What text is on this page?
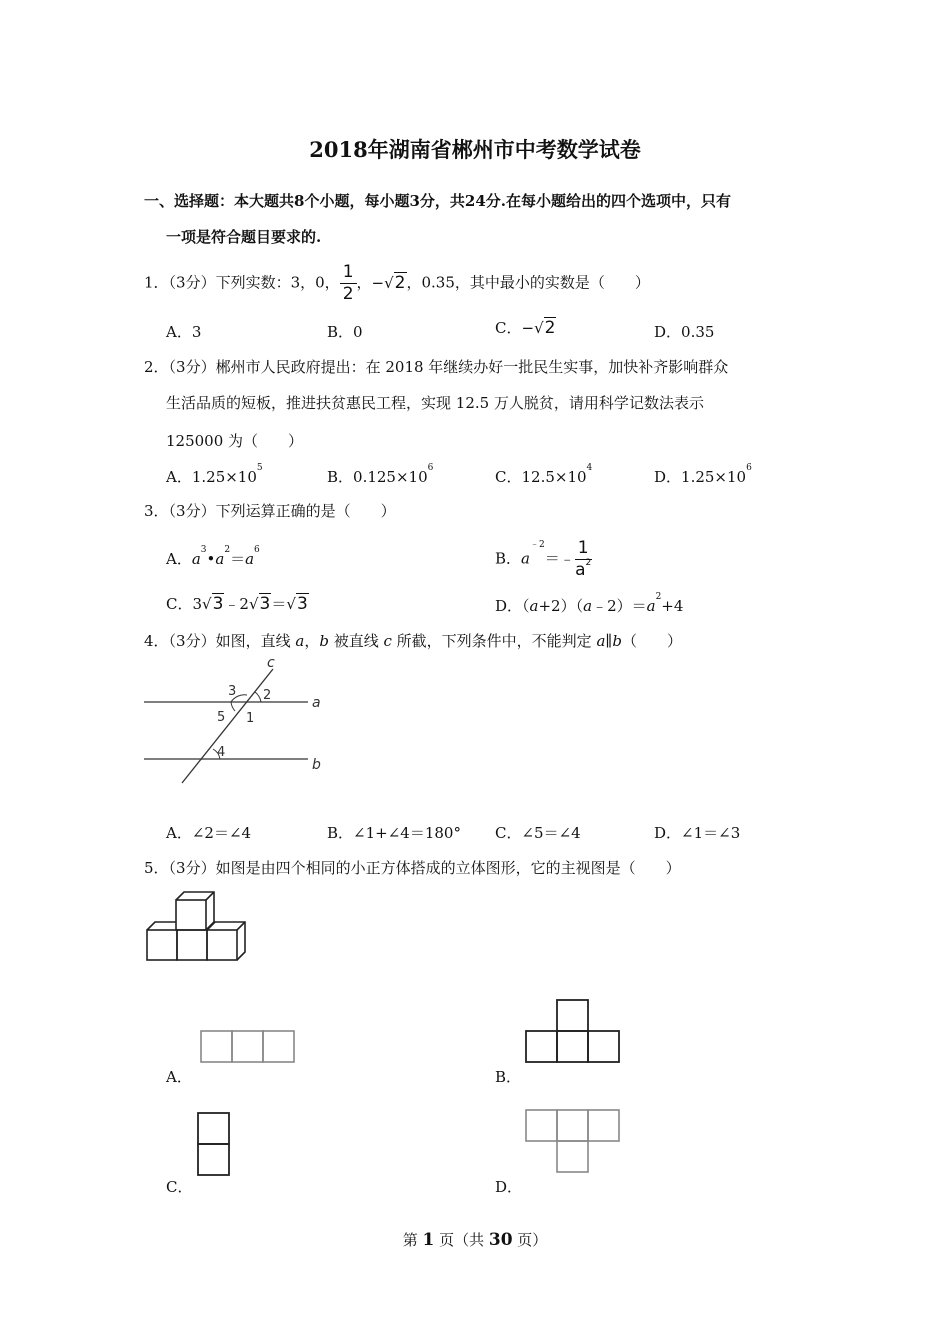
2018年湖南省郴州市中考数学试卷
一、选择题：本大题共8个小题，每小题3分，共24分.在每小题给出的四个选项中，只有
一项是符合题目要求的.
1．（3分）下列实数：3，0， $\frac{1}{2}$ ，−√2，0.35，其中最小的实数是（　　）
A．3	B．0	C．−√2	D．0.35
2．（3分）郴州市人民政府提出：在 2018 年继续办好一批民生实事，加快补齐影响群众
生活品质的短板，推进扶贫惠民工程，实现 12.5 万人脱贫，请用科学记数法表示
125000 为（　　）
A．$1.25\times 10^5$	B．$0.125\times 10^6$	C．$12.5\times 10^4$	D．$1.25\times 10^6$
3．（3分）下列运算正确的是（　　）
A．$a^3•a^2=a^6$	B．$a^{﹣2}=﹣ \frac{1}{a^2}$
C．3√3﹣2√3＝√3	D．$(a+2)(a﹣2)=a^2+4$
4．（3分）如图，直线 a，b 被直线 c 所截，下列条件中，不能判定 a∥b（　　）
c
a
b
3 2
5 1
4
A．∠2＝∠4	B．∠1+∠4＝180° C．∠5＝∠4	D．∠1＝∠3
5．（3分）如图是由四个相同的小正方体搭成的立体图形，它的主视图是（　　）
A．	B．
C．	D．
第 1 页（共 30 页）
